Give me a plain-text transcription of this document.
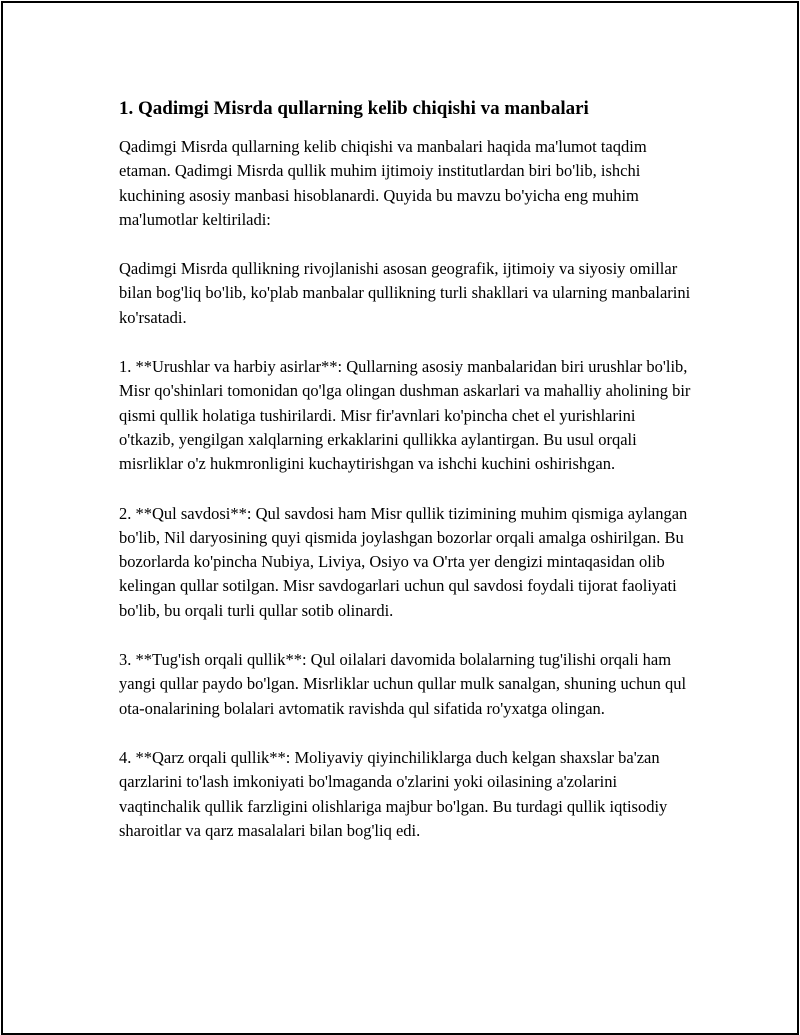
1. Qadimgi Misrda qullarning kelib chiqishi va manbalari

Qadimgi Misrda qullarning kelib chiqishi va manbalari haqida ma'lumot taqdim etaman. Qadimgi Misrda qullik muhim ijtimoiy institutlardan biri bo'lib, ishchi kuchining asosiy manbasi hisoblanardi. Quyida bu mavzu bo'yicha eng muhim ma'lumotlar keltiriladi:

Qadimgi Misrda qullikning rivojlanishi asosan geografik, ijtimoiy va siyosiy omillar bilan bog'liq bo'lib, ko'plab manbalar qullikning turli shakllari va ularning manbalarini ko'rsatadi.

1. **Urushlar va harbiy asirlar**: Qullarning asosiy manbalaridan biri urushlar bo'lib, Misr qo'shinlari tomonidan qo'lga olingan dushman askarlari va mahalliy aholining bir qismi qullik holatiga tushirilardi. Misr fir'avnlari ko'pincha chet el yurishlarini o'tkazib, yengilgan xalqlarning erkaklarini qullikka aylantirgan. Bu usul orqali misrliklar o'z hukmronligini kuchaytirishgan va ishchi kuchini oshirishgan.

2. **Qul savdosi**: Qul savdosi ham Misr qullik tizimining muhim qismiga aylangan bo'lib, Nil daryosining quyi qismida joylashgan bozorlar orqali amalga oshirilgan. Bu bozorlarda ko'pincha Nubiya, Liviya, Osiyo va O'rta yer dengizi mintaqasidan olib kelingan qullar sotilgan. Misr savdogarlari uchun qul savdosi foydali tijorat faoliyati bo'lib, bu orqali turli qullar sotib olinardi.

3. **Tug'ish orqali qullik**: Qul oilalari davomida bolalarning tug'ilishi orqali ham yangi qullar paydo bo'lgan. Misrliklar uchun qullar mulk sanalgan, shuning uchun qul ota-onalarining bolalari avtomatik ravishda qul sifatida ro'yxatga olingan.

4. **Qarz orqali qullik**: Moliyaviy qiyinchiliklarga duch kelgan shaxslar ba'zan qarzlarini to'lash imkoniyati bo'lmaganda o'zlarini yoki oilasining a'zolarini vaqtinchalik qullik farzligini olishlariga majbur bo'lgan. Bu turdagi qullik iqtisodiy sharoitlar va qarz masalalari bilan bog'liq edi.
